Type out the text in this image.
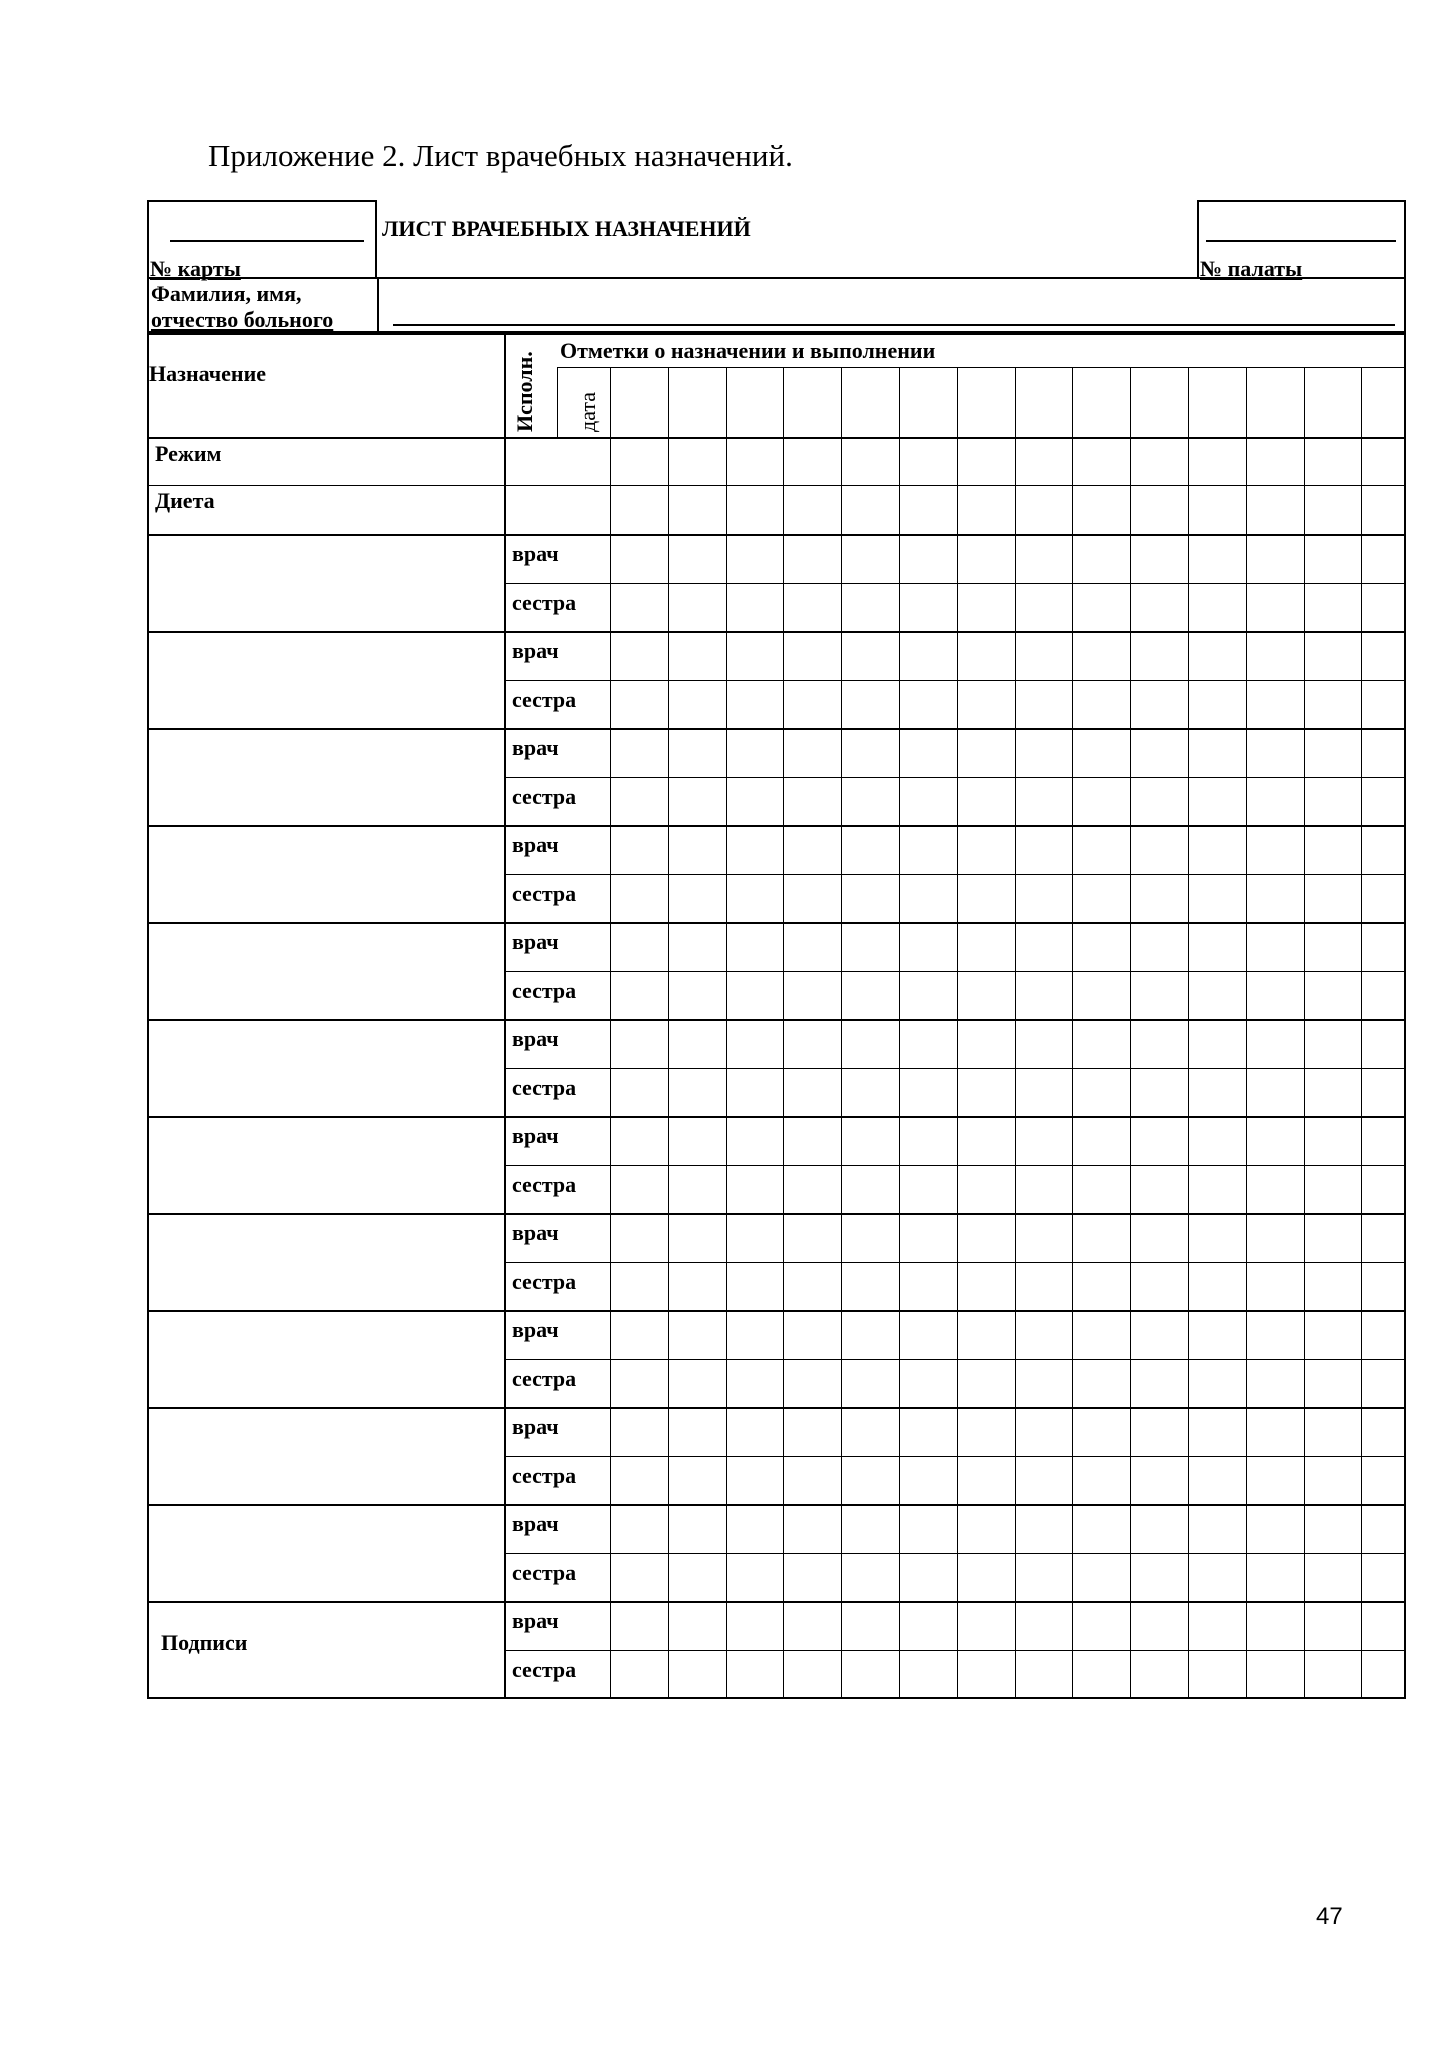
Приложение 2. Лист врачебных назначений.
№ карты
ЛИСТ ВРАЧЕБНЫХ НАЗНАЧЕНИЙ
№ палаты
Фамилия, имя,
отчество больного
Назначение	Исполн.
Отметки о назначении и выполнении
дата
Режим
Диета
Подписи
врач
сестра
врач
сестра
врач
сестра
врач
сестра
врач
сестра
врач
сестра
врач
сестра
врач
сестра
врач
сестра
врач
сестра
врач
сестра
врач
сестра
47
